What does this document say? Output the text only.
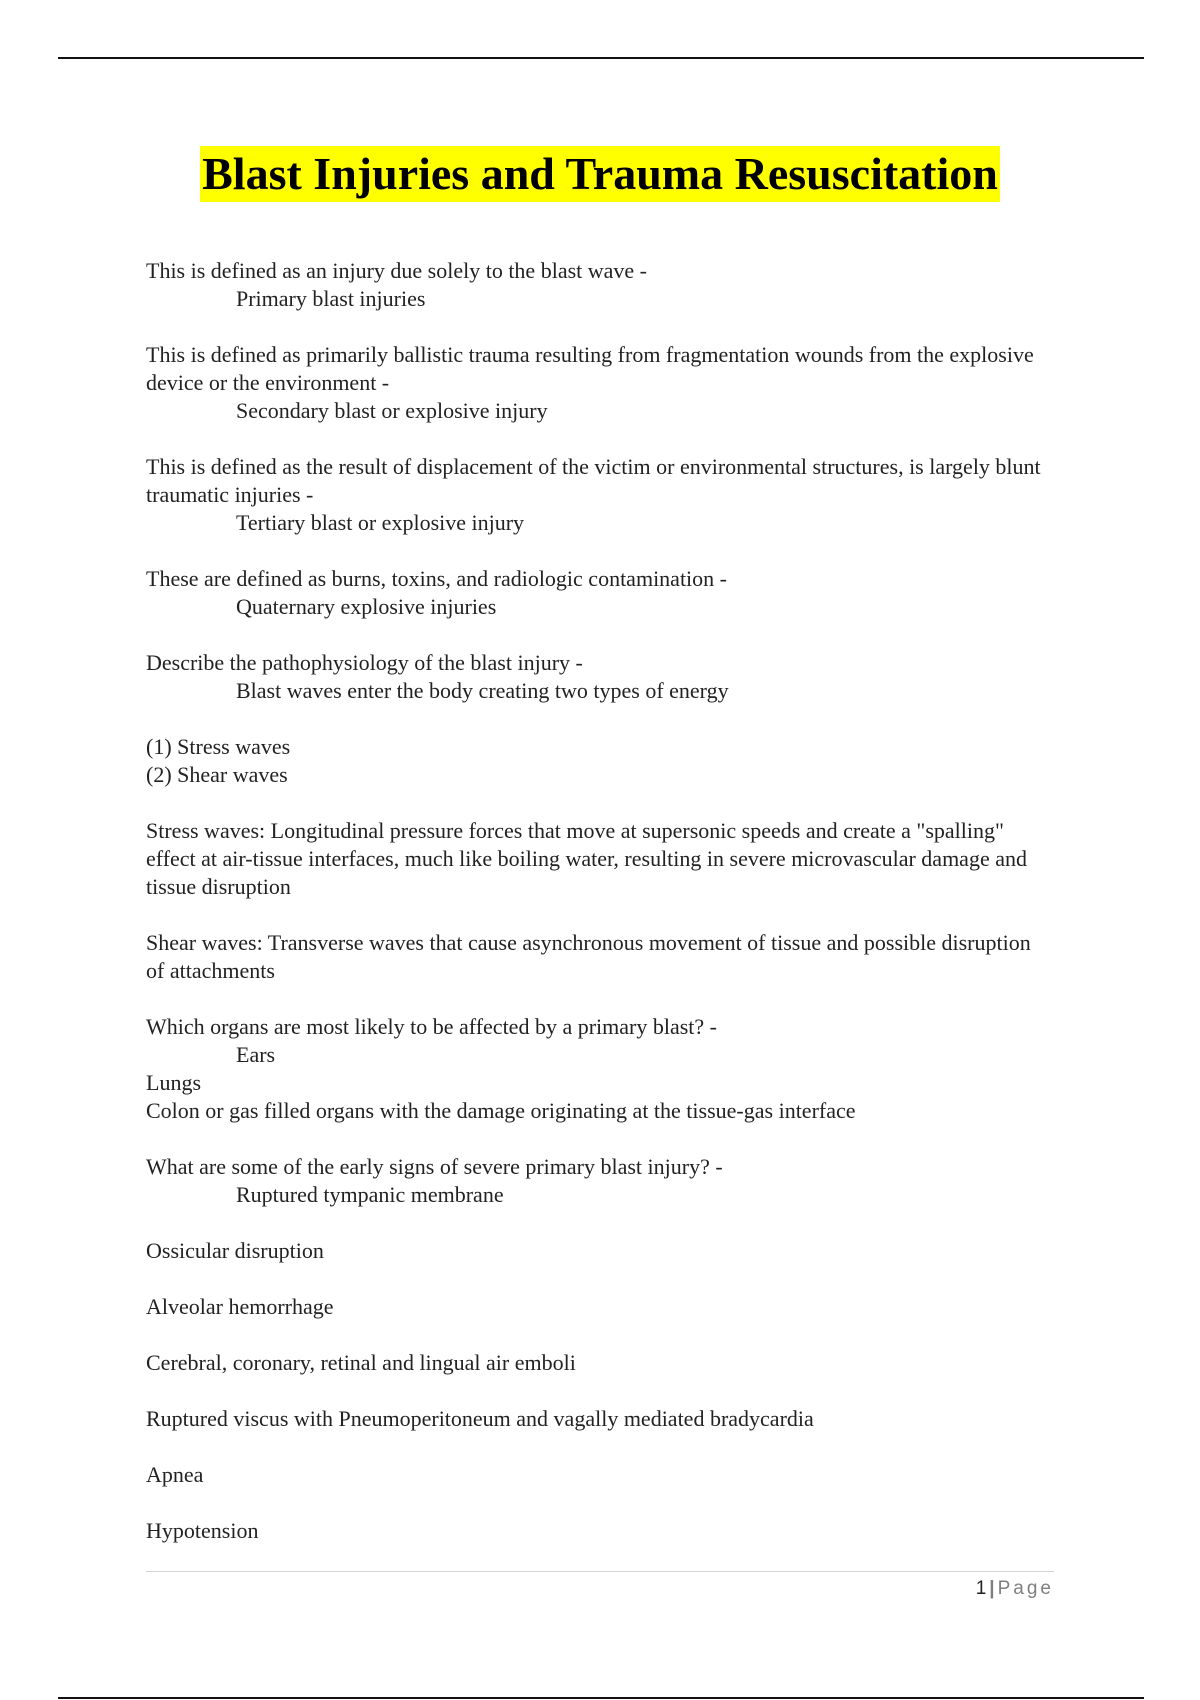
Blast Injuries and Trauma Resuscitation

This is defined as an injury due solely to the blast wave -

Primary blast injuries

This is defined as primarily ballistic trauma resulting from fragmentation wounds from the explosive device or the environment -

Secondary blast or explosive injury

This is defined as the result of displacement of the victim or environmental structures, is largely blunt traumatic injuries -

Tertiary blast or explosive injury

These are defined as burns, toxins, and radiologic contamination -

Quaternary explosive injuries

Describe the pathophysiology of the blast injury -

Blast waves enter the body creating two types of energy

(1) Stress waves

(2) Shear waves

Stress waves: Longitudinal pressure forces that move at supersonic speeds and create a "spalling" effect at air-tissue interfaces, much like boiling water, resulting in severe microvascular damage and tissue disruption

Shear waves: Transverse waves that cause asynchronous movement of tissue and possible disruption of attachments

Which organs are most likely to be affected by a primary blast? -

Ears

Lungs

Colon or gas filled organs with the damage originating at the tissue-gas interface

What are some of the early signs of severe primary blast injury? -

Ruptured tympanic membrane

Ossicular disruption

Alveolar hemorrhage

Cerebral, coronary, retinal and lingual air emboli

Ruptured viscus with Pneumoperitoneum and vagally mediated bradycardia

Apnea

Hypotension

1 | Page
